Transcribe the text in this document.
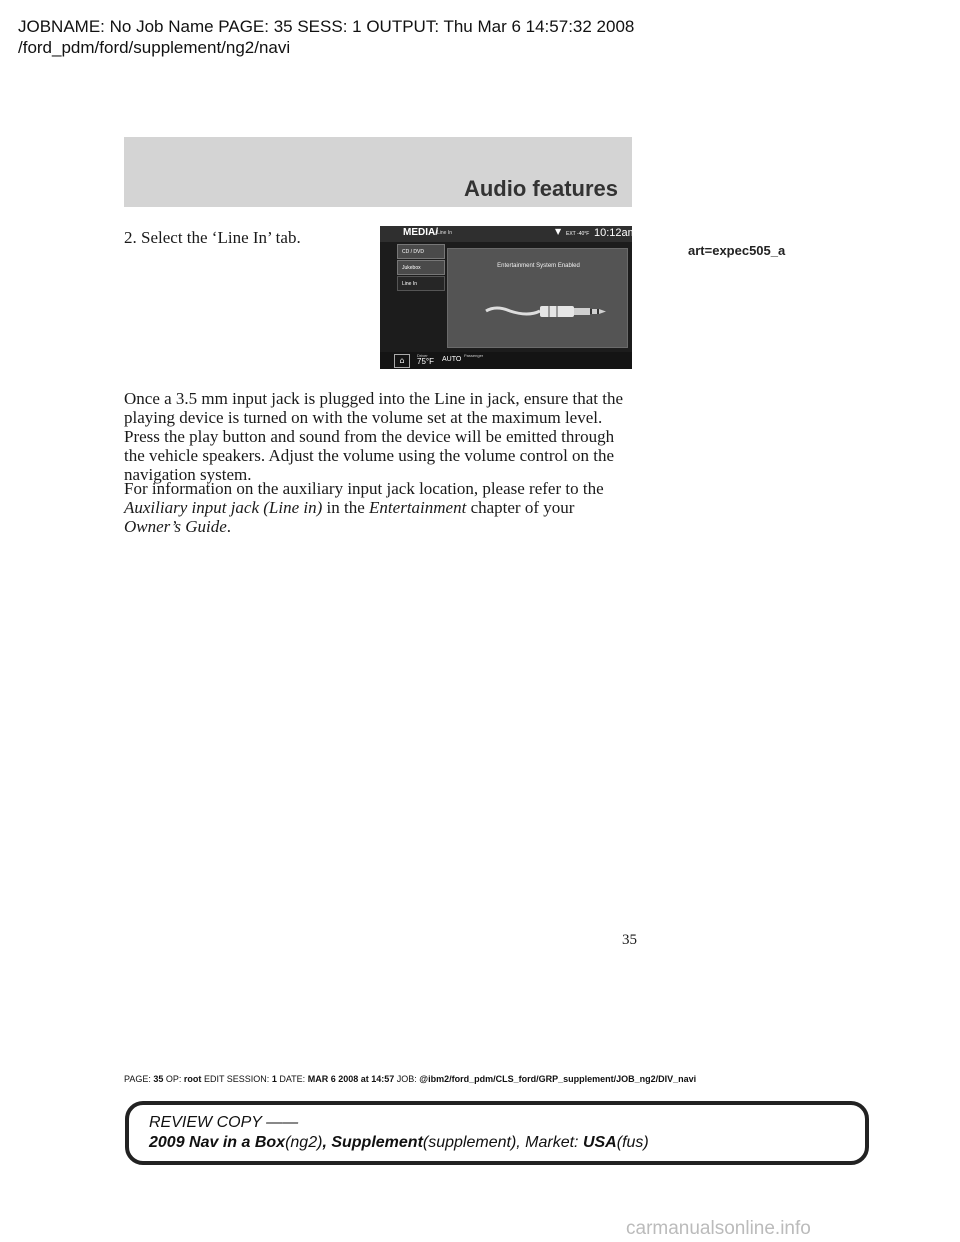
JOBNAME: No Job Name PAGE: 35 SESS: 1 OUTPUT: Thu Mar 6 14:57:32 2008
/ford_pdm/ford/supplement/ng2/navi
Audio features
2. Select the ‘Line In’ tab.	MEDIA/ Line In	▼ EXT -40°F 10:12am
CD / DVD
Jukebox
Line In
Entertainment System Enabled
⌂
Driver
75°F AUTO
Passenger
art=expec505_a

Once a 3.5 mm input jack is plugged into the Line in jack, ensure that the playing device is turned on with the volume set at the maximum level. Press the play button and sound from the device will be emitted through the vehicle speakers. Adjust the volume using the volume control on the navigation system.

For information on the auxiliary input jack location, please refer to the Auxiliary input jack (Line in) in the Entertainment chapter of your Owner’s Guide.

35
PAGE: 35 OP: root EDIT SESSION: 1 DATE: MAR 6 2008 at 14:57 JOB: @ibm2/ford_pdm/CLS_ford/GRP_supplement/JOB_ng2/DIV_navi
REVIEW COPY ——
2009 Nav in a Box(ng2), Supplement(supplement), Market: USA(fus)
carmanualsonline.info
